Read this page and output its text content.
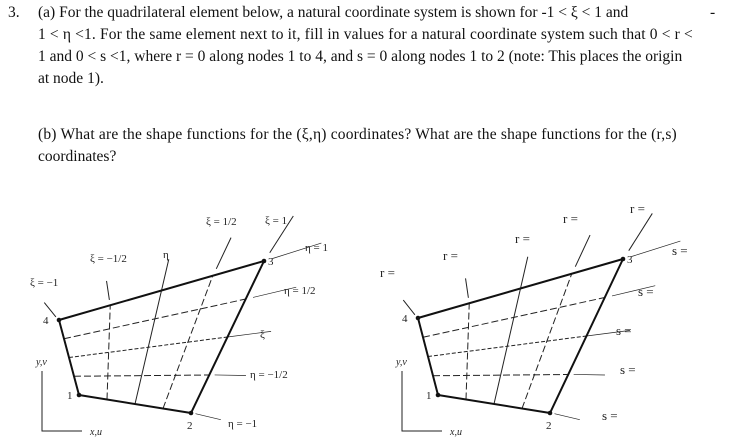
3. (a) For the quadrilateral element below, a natural coordinate system is shown for -1 < ξ < 1 and	-
1 < η <1. For the same element next to it, fill in values for a natural coordinate system such that 0 < r <
1 and 0 < s <1, where r = 0 along nodes 1 to 4, and s = 0 along nodes 1 to 2 (note: This places the origin
at node 1).
(b) What are the shape functions for the (ξ,η) coordinates? What are the shape functions for the (r,s)
coordinates?
1
2
3
4
y,v
x,u
ξ = −1
ξ = −1/2	η
ξ = 1/2	ξ = 1
η = −1
η = −1/2
ξ
η = 1/2
η = 1
1
2
3
4
y,v
x,u
r =
r =
r =
r =
r =
s =
s =
s =
s =
s =
